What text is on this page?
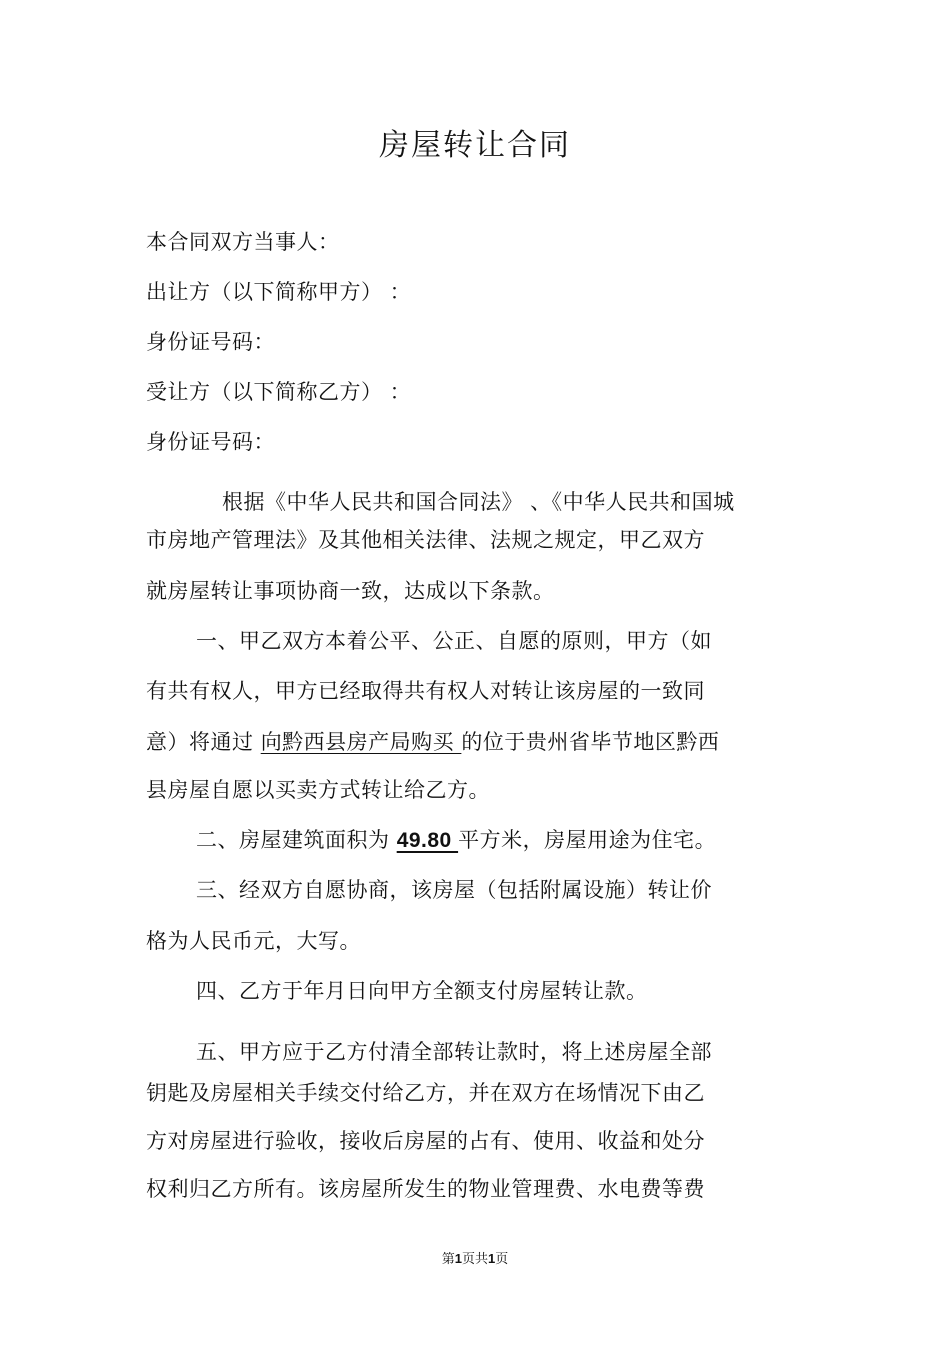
房屋转让合同
本合同双方当事人：
出让方（以下简称甲方） ：
身份证号码：
受让方（以下简称乙方） ：
身份证号码：
根据《中华人民共和国合同法》 、《中华人民共和国城
市房地产管理法》及其他相关法律、法规之规定，甲乙双方
就房屋转让事项协商一致，达成以下条款。
一、甲乙双方本着公平、公正、自愿的原则，甲方（如
有共有权人，甲方已经取得共有权人对转让该房屋的一致同
意）将通过 向黔西县房产局购买 的位于贵州省毕节地区黔西
县房屋自愿以买卖方式转让给乙方。
二、房屋建筑面积为 49.80 平方米，房屋用途为住宅。
三、经双方自愿协商，该房屋（包括附属设施）转让价
格为人民币元，大写。
四、乙方于年月日向甲方全额支付房屋转让款。
五、甲方应于乙方付清全部转让款时，将上述房屋全部
钥匙及房屋相关手续交付给乙方，并在双方在场情况下由乙
方对房屋进行验收，接收后房屋的占有、使用、收益和处分
权利归乙方所有。该房屋所发生的物业管理费、水电费等费
第1页共1页
